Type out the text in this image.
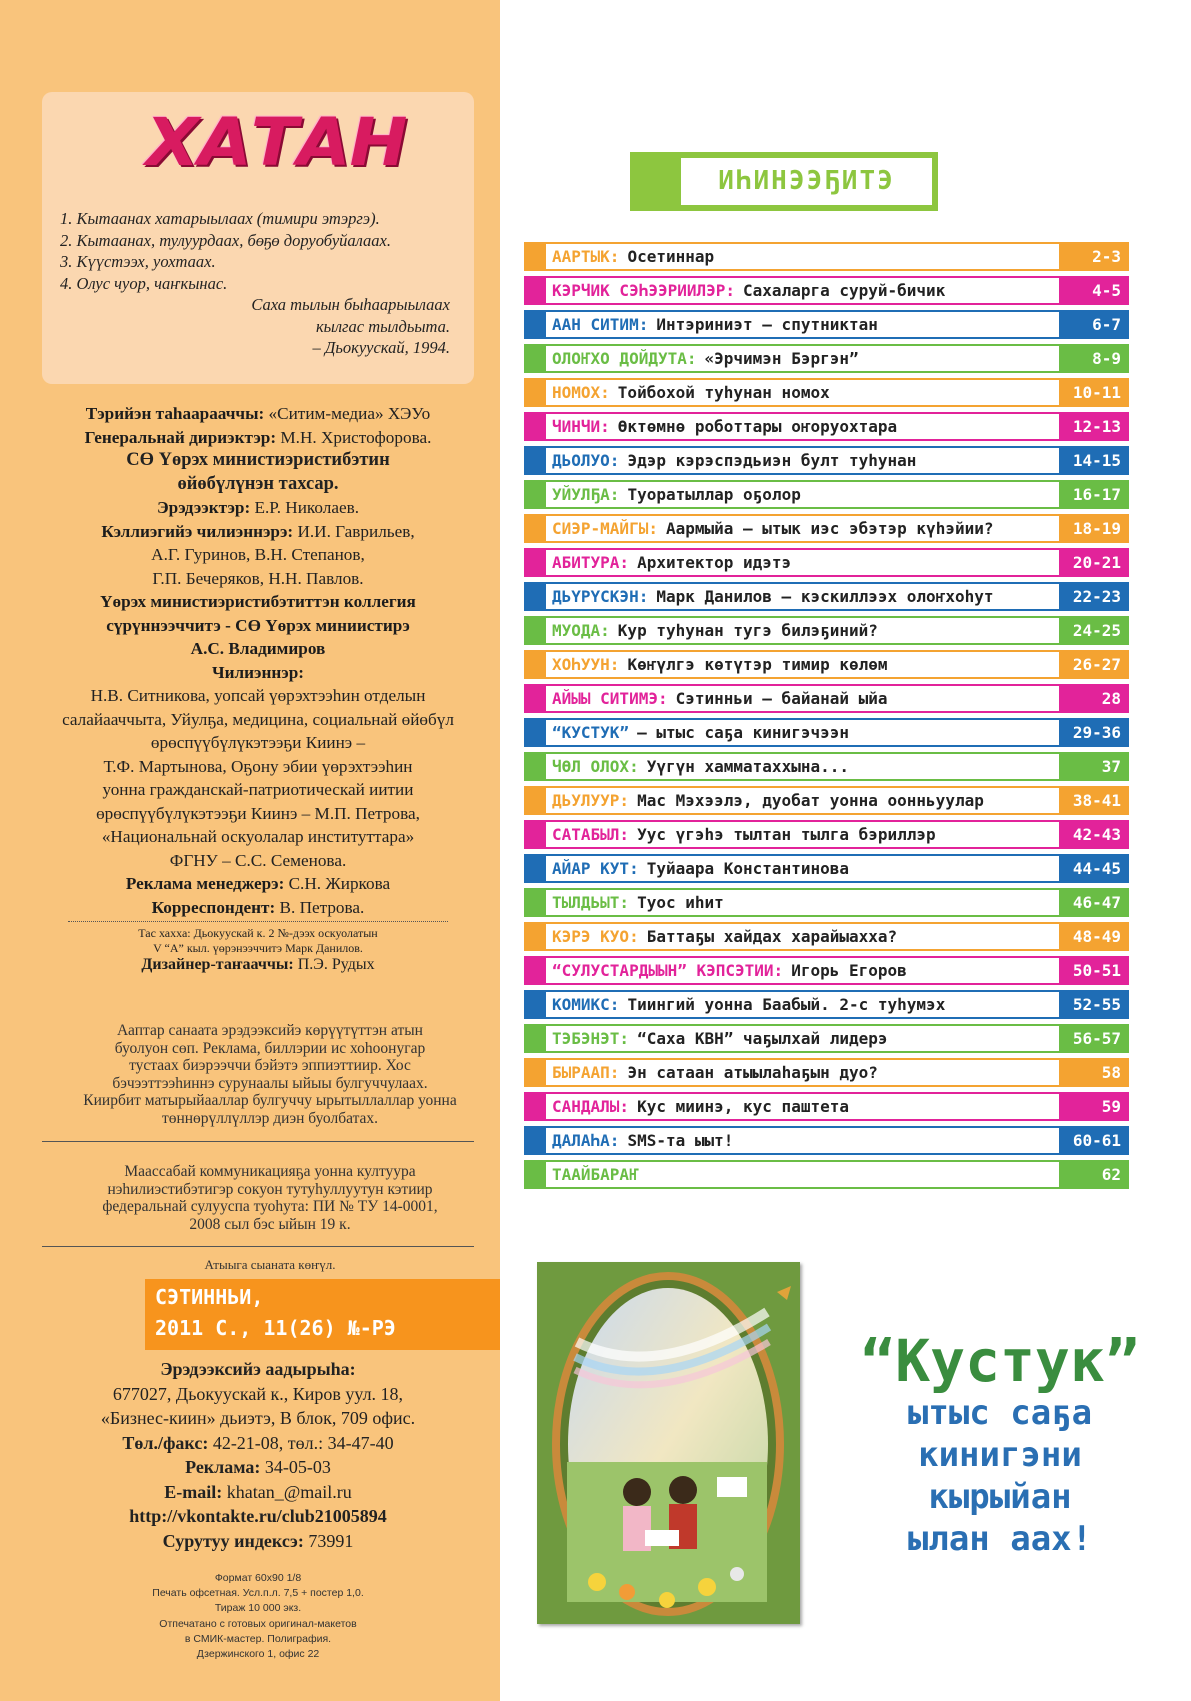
ХАТАН
1. Кытаанах хатарыылаах (тимири этэргэ).
2. Кытаанах, тулуурдаах, бөҕө доруобуйалаах.
3. Күүстээх, уохтаах.
4. Олус чуор, чаҥкынас.
Саха тылын быһаарыылаах
кылгас тылдьыта.
– Дьокуускай, 1994.
Тэрийэн таһаарааччы: «Ситим-медиа» ХЭУо
Генеральнай дириэктэр: М.Н. Христофорова.
СӨ Үөрэх министиэристибэтин
өйөбүлүнэн тахсар.
Эрэдээктэр: Е.Р. Николаев.
Кэллиэгийэ чилиэннэрэ: И.И. Гаврильев,
А.Г. Гуринов, В.Н. Степанов,
Г.П. Бечеряков, Н.Н. Павлов.
Үөрэх министиэристибэтиттэн коллегия
сүрүннээччитэ - СӨ Үөрэх миниистирэ
А.С. Владимиров
Чилиэннэр:
Н.В. Ситникова, уопсай үөрэхтээһин отделын
салайааччыта, Уйулҕа, медицина, социальнай өйөбүл
өрөспүүбүлүкэтээҕи Киинэ –
Т.Ф. Мартынова, Оҕону эбии үөрэхтээһин
уонна гражданскай-патриотическай иитии
өрөспүүбүлүкэтээҕи Киинэ – М.П. Петрова,
«Национальнай оскуолалар институттара»
ФГНУ – С.С. Семенова.
Реклама менеджерэ: С.Н. Жиркова
Корреспондент: В. Петрова.
Тас хахха: Дьокуускай к. 2 №-дээх оскуолатын
V “А” кыл. үөрэнээччитэ Марк Данилов.
Дизайнер-таҥааччы: П.Э. Рудых
Ааптар санаата эрэдээксийэ көрүүтүттэн атын
буолуон сөп. Реклама, биллэрии ис хоһоонугар
тустаах биэрээччи бэйэтэ эппиэттиир. Хос
бэчээттээһиннэ сурунаалы ыйыы булгуччулаах.
Киирбит матырыйааллар булгуччу ырытыллаллар уонна
төннөрүллүллэр диэн буолбатах.
Маассабай коммуникацияҕа уонна култуура
нэһилиэстибэтигэр сокуон тутуһуллуутун кэтиир
федеральнай сулууспа туоһута: ПИ № ТУ 14-0001,
2008 сыл бэс ыйын 19 к.
Атыыга сыаната көҥүл.
СЭТИННЬИ,
2011 С., 11(26) №-РЭ
Эрэдээксийэ аадырыһа:
677027, Дьокуускай к., Киров уул. 18,
«Бизнес-киин» дьиэтэ, В блок, 709 офис.
Төл./факс: 42-21-08, төл.: 34-47-40
Реклама: 34-05-03
E-mail: khatan_@mail.ru
http://vkontakte.ru/club21005894
Сурутуу индексэ: 73991
Формат 60х90 1/8
Печать офсетная. Усл.п.л. 7,5 + постер 1,0.
Тираж 10 000 экз.
Отпечатано с готовых оригинал-макетов
в СМИК-мастер. Полиграфия.
Дзержинского 1, офис 22
ИҺИНЭЭҔИТЭ
ААРТЫК: Осетиннар	2-3
КЭРЧИК СЭҺЭЭРИИЛЭР: Сахаларга суруй-бичик	4-5
ААН СИТИМ: Интэриниэт — спутниктан	6-7
ОЛОҤХО ДОЙДУТА: «Эрчимэн Бэргэн”	8-9
НОМОХ: Тойбохой туһунан номох	10-11
ЧИНЧИ: Өктөмнө роботтары оҥоруохтара	12-13
ДЬОЛУО: Эдэр кэрэспэдьиэн булт туһунан	14-15
УЙУЛҔА: Туоратыллар оҕолор	16-17
СИЭР-МАЙГЫ: Аармыйа — ытык иэс эбэтэр күһэйии?	18-19
АБИТУРА: Архитектор идэтэ	20-21
ДЬҮРҮСКЭН: Марк Данилов — кэскиллээх олоҥхоһут	22-23
МУОДА: Кур туһунан тугэ билэҕиний?	24-25
ХОҺУУН: Көҥүлгэ көтүтэр тимир көлөм	26-27
АЙЫЫ СИТИМЭ: Сэтинньи — байанай ыйа	28
“КУСТУК” — ытыс саҕа кинигэчээн	29-36
ЧӨЛ ОЛОХ: Уүгүн хамматаххына...	37
ДЬУЛУУР: Мас Мэхээлэ, дуобат уонна оонньуулар	38-41
САТАБЫЛ: Уус үгэһэ тылтан тылга бэриллэр	42-43
АЙАР КУТ: Туйаара Константинова	44-45
ТЫЛДЬЫТ: Туос иһит	46-47
КЭРЭ КУО: Баттаҕы хайдах харайыахха?	48-49
“СУЛУСТАРДЫЫН” КЭПСЭТИИ: Игорь Егоров	50-51
КОМИКС: Тиингий уонна Баабый. 2-с туһумэх	52-55
ТЭБЭНЭТ: “Саха КВН” чаҕылхай лидерэ	56-57
БЫРААП: Эн сатаан атыылаһаҕын дуо?	58
САНДАЛЫ: Кус миинэ, кус паштета	59
ДАЛАҺА: SMS-та ыыт!	60-61
ТААЙБАРАҤ	62
“Кустук”
ытыс саҕа
кинигэни
кырыйан
ылан аах!
